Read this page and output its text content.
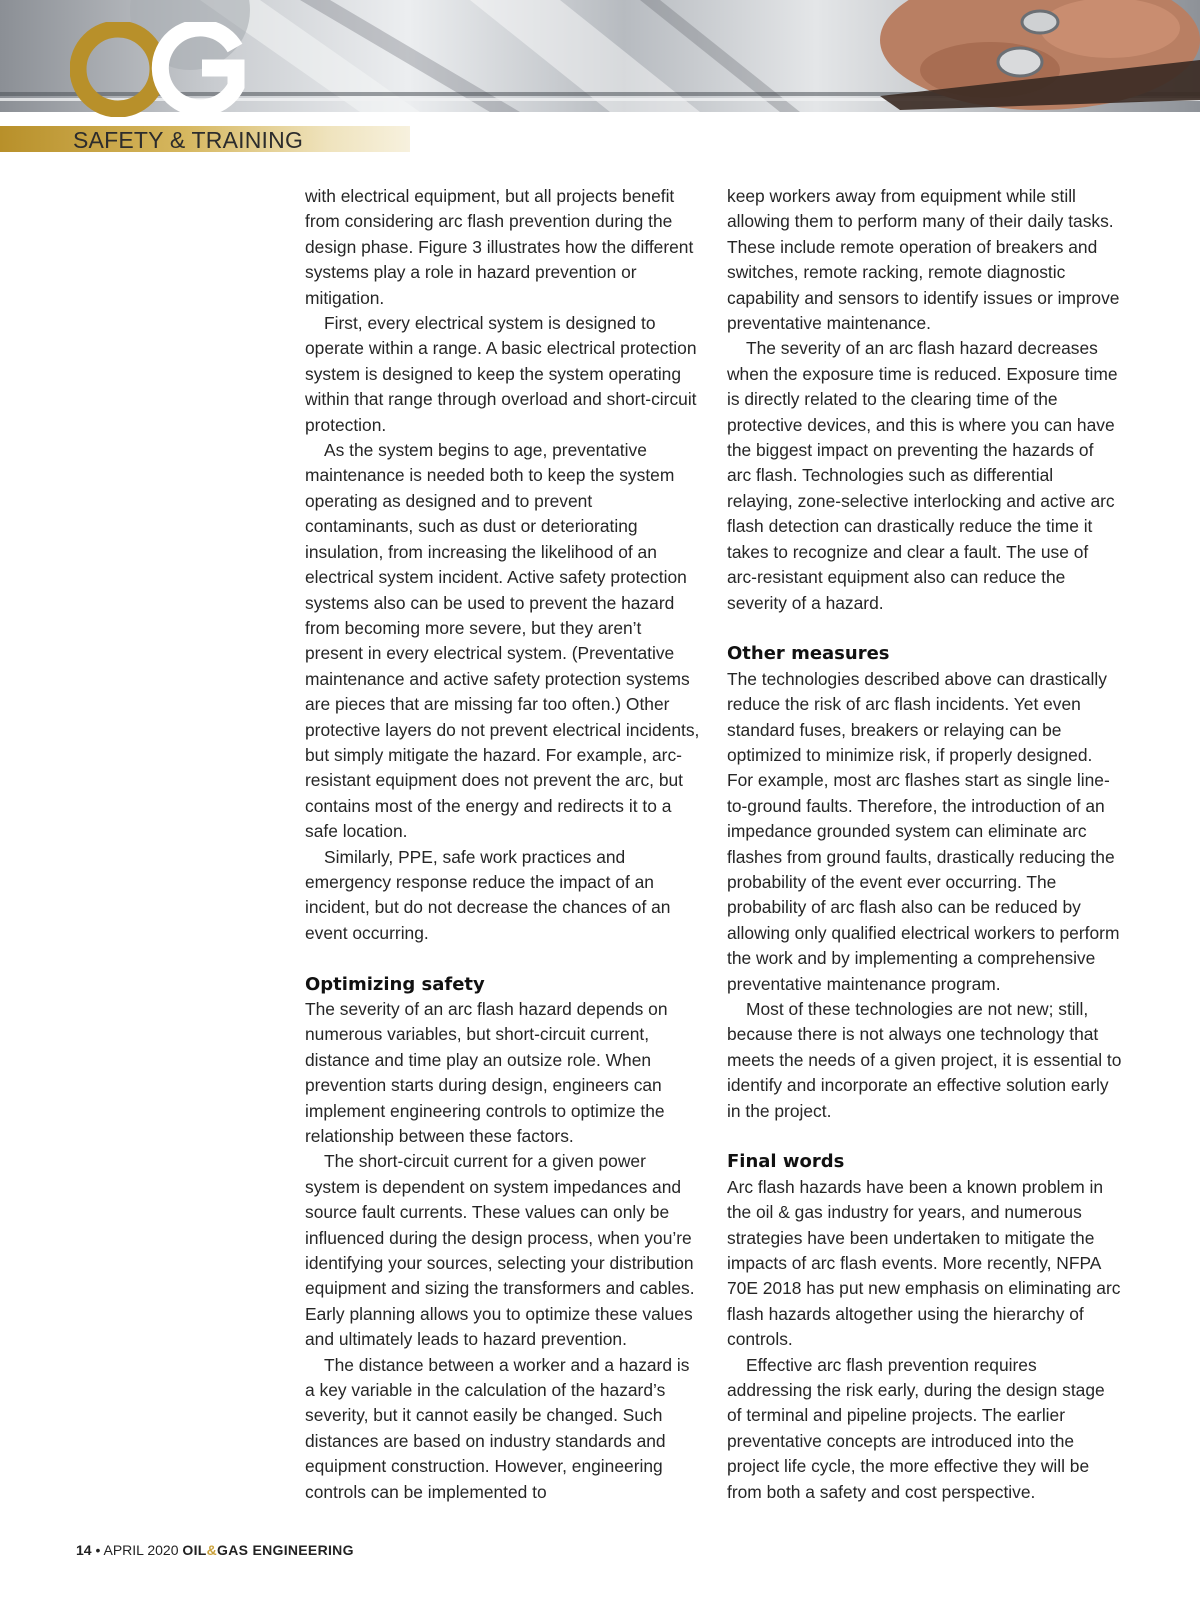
SAFETY & TRAINING

with electrical equipment, but all projects benefit from considering arc flash prevention during the design phase. Figure 3 illustrates how the different systems play a role in hazard prevention or mitigation.

First, every electrical system is designed to operate within a range. A basic electrical protection system is designed to keep the system operating within that range through overload and short-circuit protection.

As the system begins to age, preventative maintenance is needed both to keep the system operating as designed and to prevent contaminants, such as dust or deteriorating insulation, from increasing the likelihood of an electrical system incident. Active safety protection systems also can be used to prevent the hazard from becoming more severe, but they aren’t present in every electrical system. (Preventative maintenance and active safety protection systems are pieces that are missing far too often.) Other protective layers do not prevent electrical incidents, but simply mitigate the hazard. For example, arc-resistant equipment does not prevent the arc, but contains most of the energy and redirects it to a safe location.

Similarly, PPE, safe work practices and emergency response reduce the impact of an incident, but do not decrease the chances of an event occurring.

Optimizing safety

The severity of an arc flash hazard depends on numerous variables, but short-circuit current, distance and time play an outsize role. When prevention starts during design, engineers can implement engineering controls to optimize the relationship between these factors.

The short-circuit current for a given power system is dependent on system impedances and source fault currents. These values can only be influenced during the design process, when you’re identifying your sources, selecting your distribution equipment and sizing the transformers and cables. Early planning allows you to optimize these values and ultimately leads to hazard prevention.

The distance between a worker and a hazard is a key variable in the calculation of the hazard’s severity, but it cannot easily be changed. Such distances are based on industry standards and equipment construction. However, engineering controls can be implemented to

keep workers away from equipment while still allowing them to perform many of their daily tasks. These include remote operation of breakers and switches, remote racking, remote diagnostic capability and sensors to identify issues or improve preventative maintenance.

The severity of an arc flash hazard decreases when the exposure time is reduced. Exposure time is directly related to the clearing time of the protective devices, and this is where you can have the biggest impact on preventing the hazards of arc flash. Technologies such as differential relaying, zone-selective interlocking and active arc flash detection can drastically reduce the time it takes to recognize and clear a fault. The use of arc-resistant equipment also can reduce the severity of a hazard.

Other measures

The technologies described above can drastically reduce the risk of arc flash incidents. Yet even standard fuses, breakers or relaying can be optimized to minimize risk, if properly designed. For example, most arc flashes start as single line-to-ground faults. Therefore, the introduction of an impedance grounded system can eliminate arc flashes from ground faults, drastically reducing the probability of the event ever occurring. The probability of arc flash also can be reduced by allowing only qualified electrical workers to perform the work and by implementing a comprehensive preventative maintenance program.

Most of these technologies are not new; still, because there is not always one technology that meets the needs of a given project, it is essential to identify and incorporate an effective solution early in the project.

Final words

Arc flash hazards have been a known problem in the oil & gas industry for years, and numerous strategies have been undertaken to mitigate the impacts of arc flash events. More recently, NFPA 70E 2018 has put new emphasis on eliminating arc flash hazards altogether using the hierarchy of controls.

Effective arc flash prevention requires addressing the risk early, during the design stage of terminal and pipeline projects. The earlier preventative concepts are introduced into the project life cycle, the more effective they will be from both a safety and cost perspective.

14 • APRIL 2020 OIL&GAS ENGINEERING
